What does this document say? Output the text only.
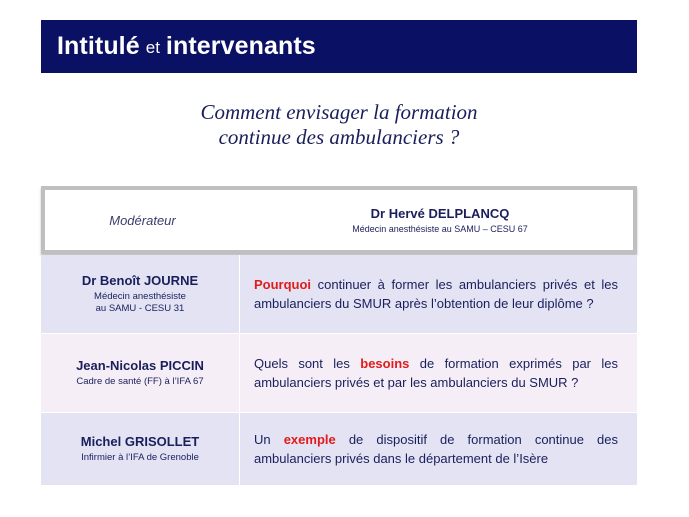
Intitulé et intervenants
Comment envisager la formation
continue des ambulanciers ?
Modérateur	Dr Hervé DELPLANCQ
Médecin anesthésiste au SAMU – CESU 67
Dr Benoît JOURNE
Médecin anesthésiste
au SAMU - CESU 31
Pourquoi continuer à former les ambulanciers privés et les ambulanciers du SMUR après l’obtention de leur diplôme ?
Jean-Nicolas PICCIN
Cadre de santé (FF) à l’IFA 67
Quels sont les besoins de formation exprimés par les ambulanciers privés et par les ambulanciers du SMUR ?
Michel GRISOLLET
Infirmier à l’IFA de Grenoble
Un exemple de dispositif de formation continue des ambulanciers privés dans le département de l’Isère
